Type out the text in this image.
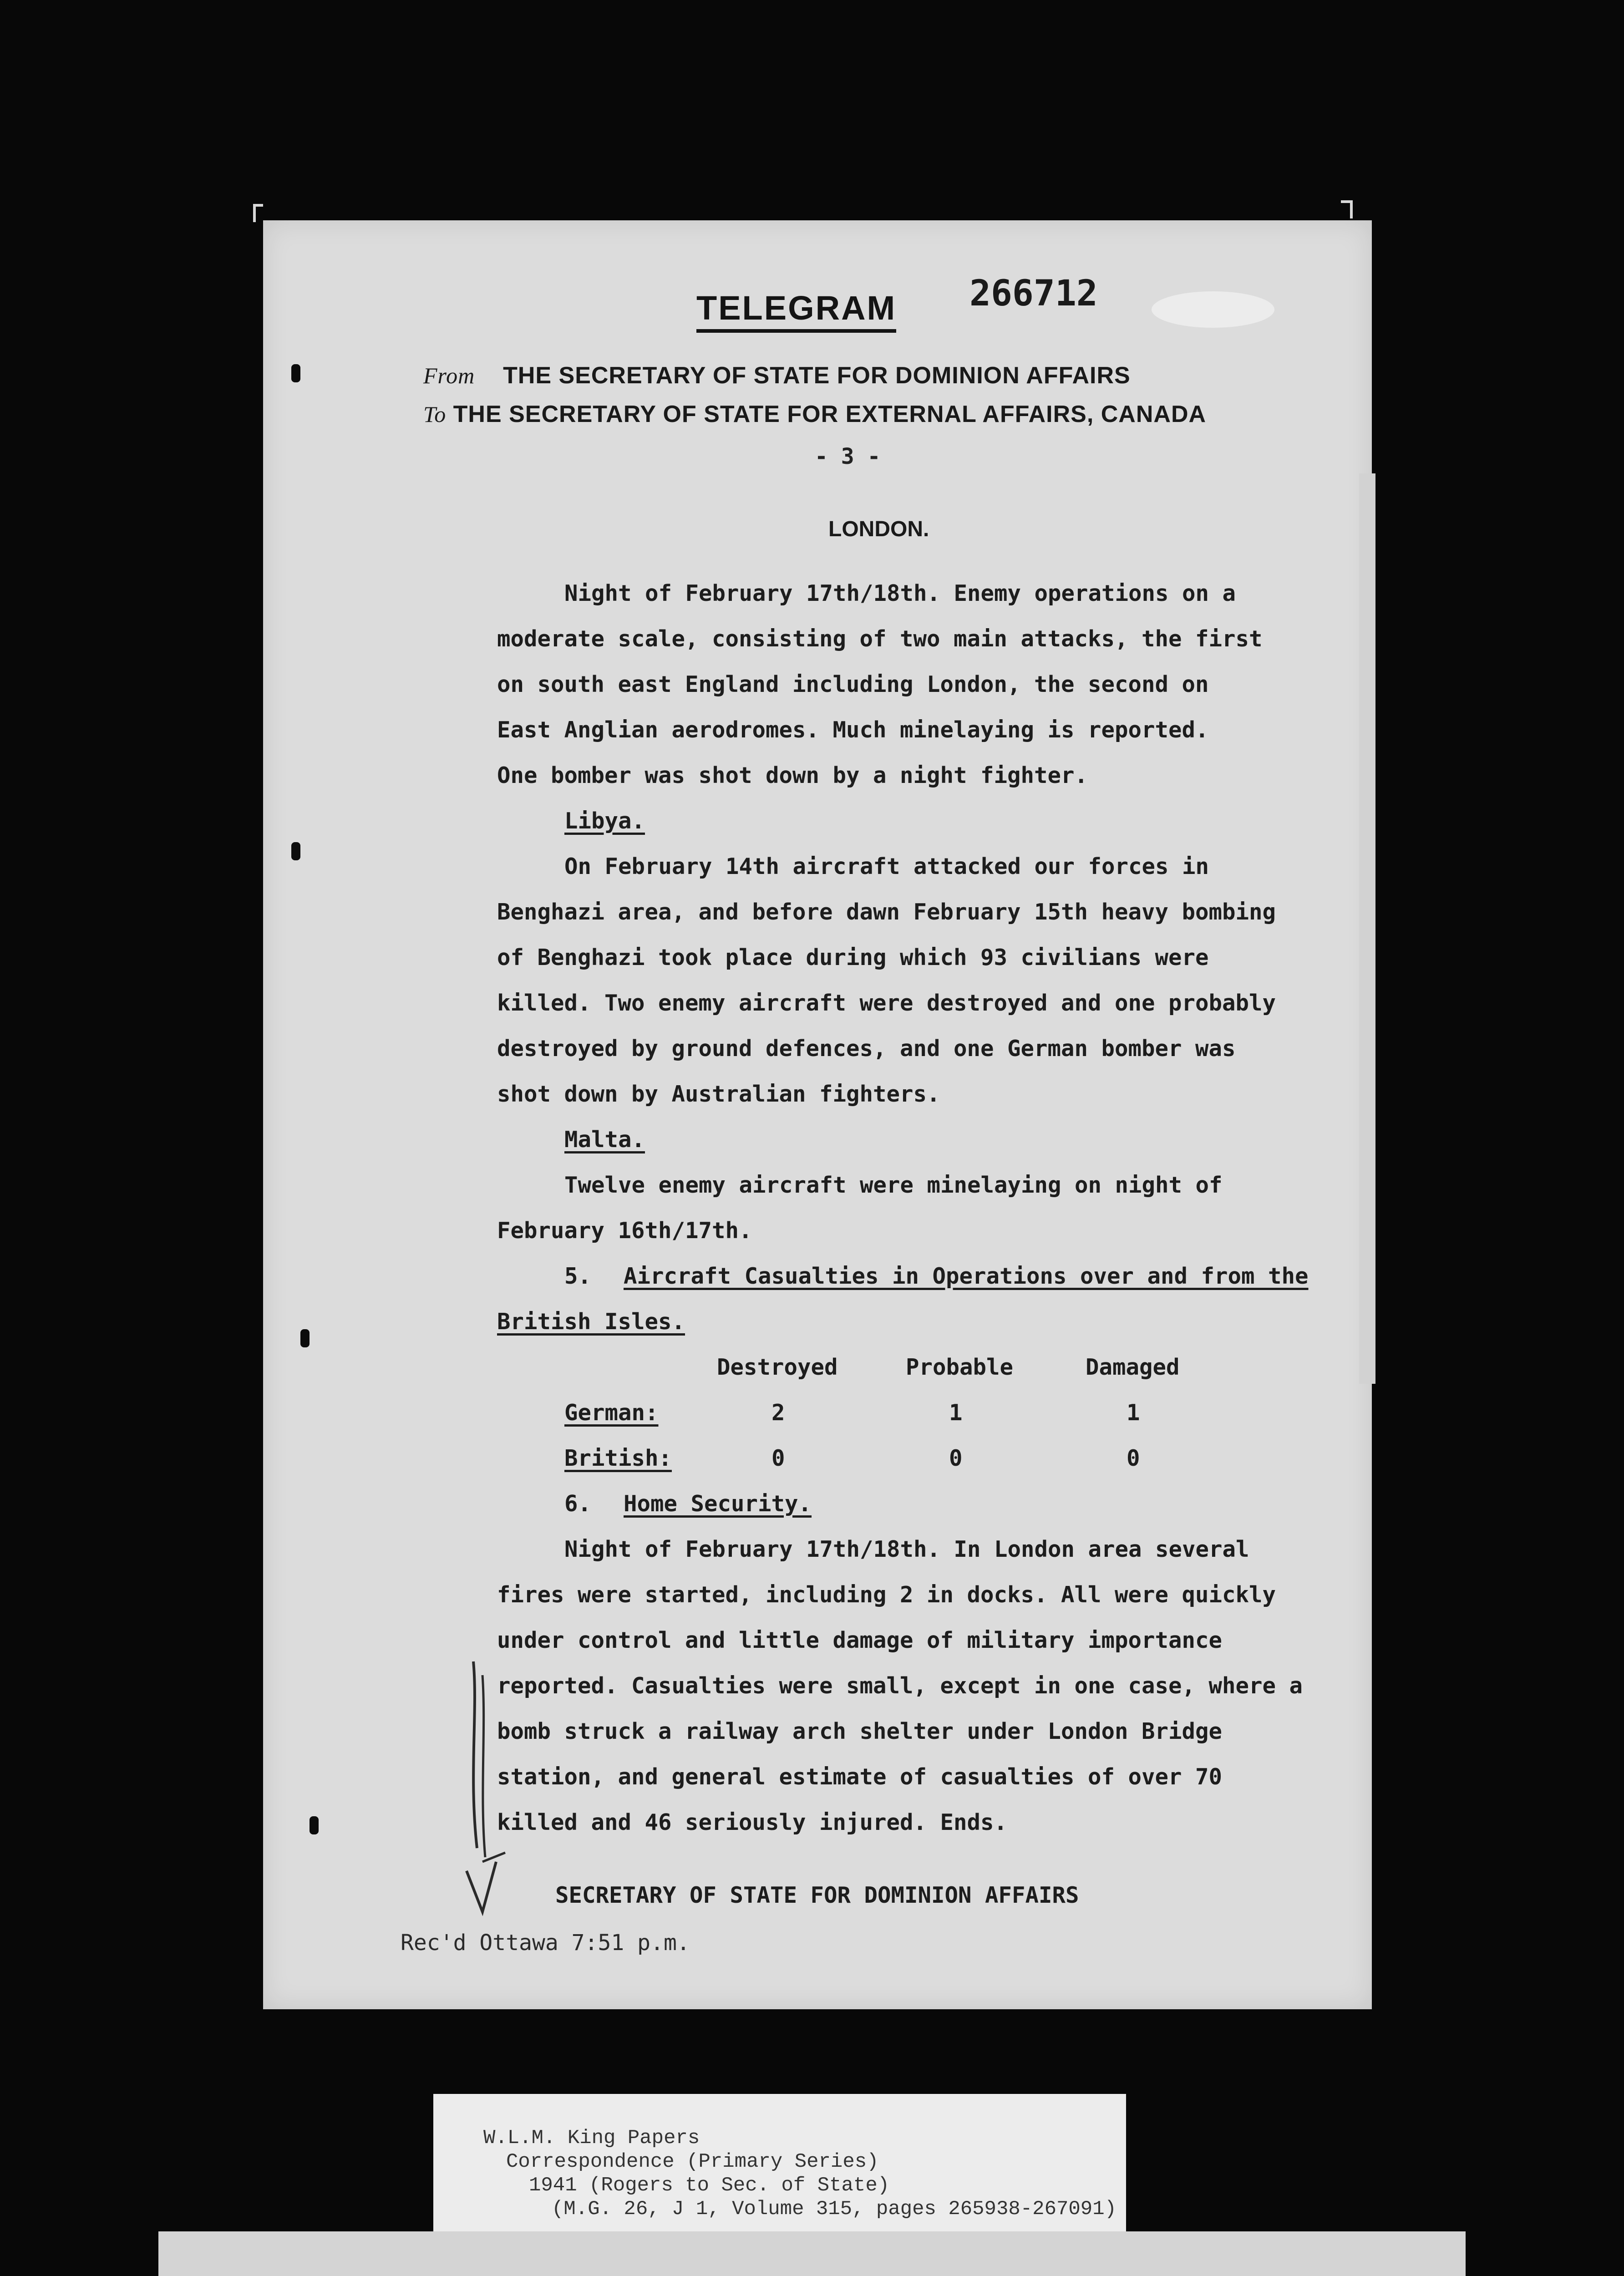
TELEGRAM 266712
From THE SECRETARY OF STATE FOR DOMINION AFFAIRS
To THE SECRETARY OF STATE FOR EXTERNAL AFFAIRS, CANADA
- 3 -
LONDON.
Night of February 17th/18th. Enemy operations on a
moderate scale, consisting of two main attacks, the first
on south east England including London, the second on
East Anglian aerodromes. Much minelaying is reported.
One bomber was shot down by a night fighter.
Libya.
On February 14th aircraft attacked our forces in
Benghazi area, and before dawn February 15th heavy bombing
of Benghazi took place during which 93 civilians were
killed. Two enemy aircraft were destroyed and one probably
destroyed by ground defences, and one German bomber was
shot down by Australian fighters.
Malta.
Twelve enemy aircraft were minelaying on night of
February 16th/17th.
5. Aircraft Casualties in Operations over and from the
British Isles.
Destroyed	Probable	Damaged
German:	2	1	1
British:	0	0	0
6. Home Security.
Night of February 17th/18th. In London area several
fires were started, including 2 in docks. All were quickly
under control and little damage of military importance
reported. Casualties were small, except in one case, where a
bomb struck a railway arch shelter under London Bridge
station, and general estimate of casualties of over 70
killed and 46 seriously injured. Ends.
SECRETARY OF STATE FOR DOMINION AFFAIRS
Rec'd Ottawa 7:51 p.m.
W.L.M. King Papers
Correspondence (Primary Series)
1941 (Rogers to Sec. of State)
(M.G. 26, J 1, Volume 315, pages 265938-267091)
